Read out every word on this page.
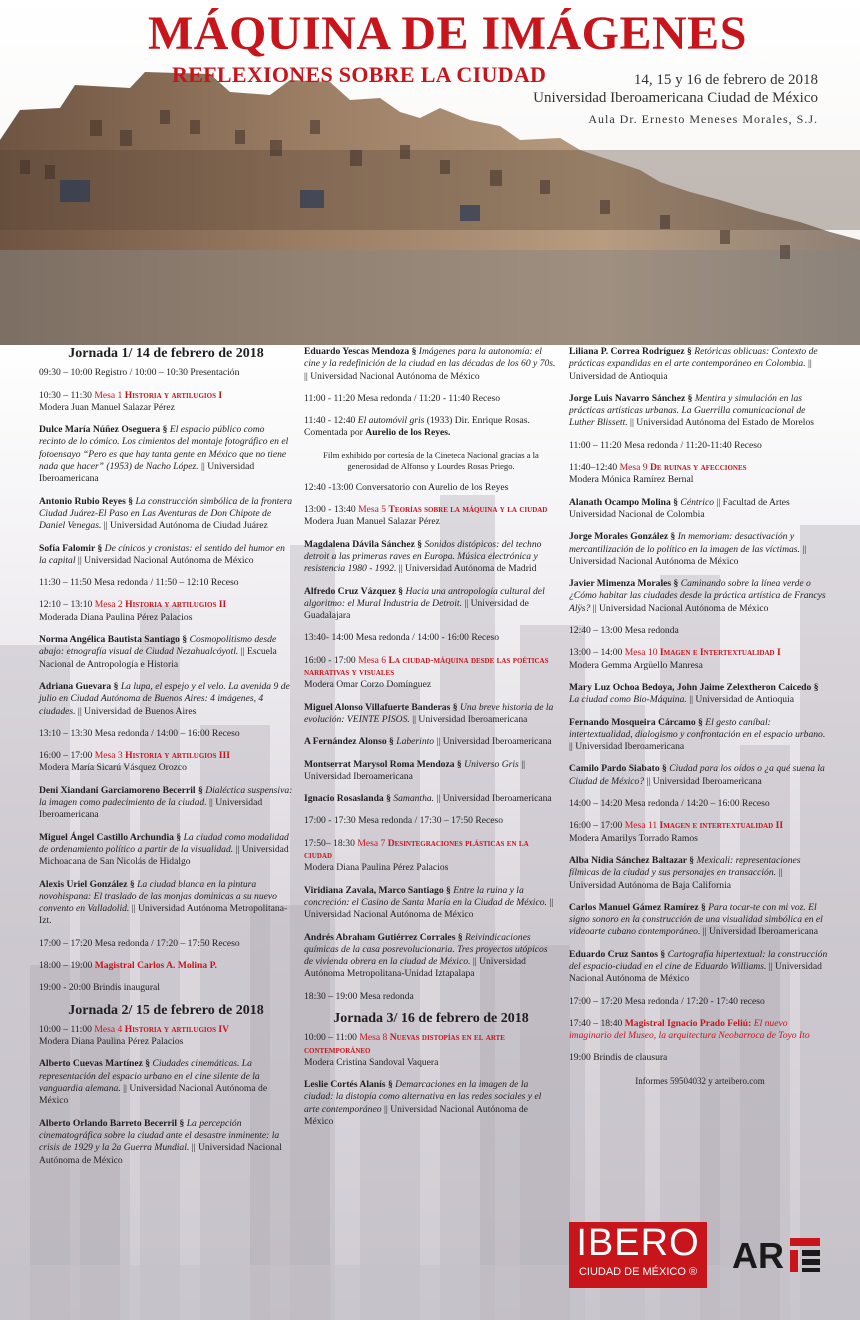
MÁQUINA DE IMÁGENES
REFLEXIONES SOBRE LA CIUDAD	14, 15 y 16 de febrero de 2018
Universidad Iberoamericana Ciudad de México
Aula Dr. Ernesto Meneses Morales, S.J.
Jornada 1/ 14 de febrero de 2018
09:30 – 10:00 Registro / 10:00 – 10:30 Presentación
10:30 – 11:30 Mesa 1 Historia y artilugios I
Modera Juan Manuel Salazar Pérez
Dulce María Núñez Oseguera § El espacio público como recinto de lo cómico. Los cimientos del montaje fotográfico en el fotoensayo “Pero es que hay tanta gente en México que no tiene nada que hacer” (1953) de Nacho López. || Universidad Iberoamericana
Antonio Rubio Reyes § La construcción simbólica de la frontera Ciudad Juárez-El Paso en Las Aventuras de Don Chipote de Daniel Venegas. || Universidad Autónoma de Ciudad Juárez
Sofía Falomir § De cínicos y cronistas: el sentido del humor en la capital || Universidad Nacional Autónoma de México
11:30 – 11:50 Mesa redonda / 11:50 – 12:10 Receso
12:10 – 13:10 Mesa 2 Historia y artilugios II
Moderada Diana Paulina Pérez Palacios
Norma Angélica Bautista Santiago § Cosmopolitismo desde abajo: etnografía visual de Ciudad Nezahualcóyotl. || Escuela Nacional de Antropología e Historia
Adriana Guevara § La lupa, el espejo y el velo. La avenida 9 de julio en Ciudad Autónoma de Buenos Aires: 4 imágenes, 4 ciudades. || Universidad de Buenos Aires
13:10 – 13:30 Mesa redonda / 14:00 – 16:00 Receso
16:00 – 17:00 Mesa 3 Historia y artilugios III
Modera María Sicarú Vásquez Orozco
Deni Xiandani Garciamoreno Becerril § Dialéctica suspensiva: la imagen como padecimiento de la ciudad. || Universidad Iberoamericana
Miguel Ángel Castillo Archundia § La ciudad como modalidad de ordenamiento político a partir de la visualidad. || Universidad Michoacana de San Nicolás de Hidalgo
Alexis Uriel González § La ciudad blanca en la pintura novohispana: El traslado de las monjas dominicas a su nuevo convento en Valladolid. || Universidad Autónoma Metropolitana-Izt.
17:00 – 17:20 Mesa redonda / 17:20 – 17:50 Receso
18:00 – 19:00 Magistral Carlos A. Molina P.
19:00 - 20:00 Brindis inaugural
Jornada 2/ 15 de febrero de 2018
10:00 – 11:00 Mesa 4 Historia y artilugios IV
Modera Diana Paulina Pérez Palacios
Alberto Cuevas Martínez § Ciudades cinemáticas. La representación del espacio urbano en el cine silente de la vanguardia alemana. || Universidad Nacional Autónoma de México
Alberto Orlando Barreto Becerril § La percepción cinematográfica sobre la ciudad ante el desastre inminente: la crisis de 1929 y la 2a Guerra Mundial. || Universidad Nacional Autónoma de México
Eduardo Yescas Mendoza § Imágenes para la autonomía: el cine y la redefinición de la ciudad en las décadas de los 60 y 70s. || Universidad Nacional Autónoma de México
11:00 - 11:20 Mesa redonda / 11:20 - 11:40 Receso
11:40 - 12:40 El automóvil gris (1933) Dir. Enrique Rosas.
Comentada por Aurelio de los Reyes.
Film exhibido por cortesía de la Cineteca Nacional gracias a la generosidad de Alfonso y Lourdes Rosas Priego.
12:40 -13:00 Conversatorio con Aurelio de los Reyes
13:00 - 13:40 Mesa 5 Teorías sobre la máquina y la ciudad
Modera Juan Manuel Salazar Pérez
Magdalena Dávila Sánchez § Sonidos distópicos: del techno detroit a las primeras raves en Europa. Música electrónica y resistencia 1980 - 1992. || Universidad Autónoma de Madrid
Alfredo Cruz Vázquez § Hacia una antropología cultural del algoritmo: el Mural Industria de Detroit. || Universidad de Guadalajara
13:40- 14:00 Mesa redonda / 14:00 - 16:00 Receso
16:00 - 17:00 Mesa 6 La ciudad-máquina desde las poéticas narrativas y visuales
Modera Omar Corzo Domínguez
Miguel Alonso Villafuerte Banderas § Una breve historia de la evolución: VEINTE PISOS. || Universidad Iberoamericana
A Fernández Alonso § Laberinto || Universidad Iberoamericana
Montserrat Marysol Roma Mendoza § Universo Gris || Universidad Iberoamericana
Ignacio Rosaslanda § Samantha. || Universidad Iberoamericana
17:00 - 17:30 Mesa redonda / 17:30 – 17:50 Receso
17:50– 18:30 Mesa 7 Desintegraciones plásticas en la ciudad
Modera Diana Paulina Pérez Palacios
Viridiana Zavala, Marco Santiago § Entre la ruina y la concreción: el Casino de Santa María en la Ciudad de México. || Universidad Nacional Autónoma de México
Andrés Abraham Gutiérrez Corrales § Reivindicaciones químicas de la casa posrevolucionaria. Tres proyectos utópicos de vivienda obrera en la ciudad de México. || Universidad Autónoma Metropolitana-Unidad Iztapalapa
18:30 – 19:00 Mesa redonda
Jornada 3/ 16 de febrero de 2018
10:00 – 11:00 Mesa 8 Nuevas distopías en el arte contemporáneo
Modera Cristina Sandoval Vaquera
Leslie Cortés Alanís § Demarcaciones en la imagen de la ciudad: la distopía como alternativa en las redes sociales y el arte contemporáneo || Universidad Nacional Autónoma de México
Liliana P. Correa Rodríguez § Retóricas oblicuas: Contexto de prácticas expandidas en el arte contemporáneo en Colombia. || Universidad de Antioquia
Jorge Luis Navarro Sánchez § Mentira y simulación en las prácticas artísticas urbanas. La Guerrilla comunicacional de Luther Blissett. || Universidad Autónoma del Estado de Morelos
11:00 – 11:20 Mesa redonda / 11:20-11:40 Receso
11:40–12:40 Mesa 9 De ruinas y afecciones
Modera Mónica Ramírez Bernal
Alanath Ocampo Molina § Céntrico || Facultad de Artes Universidad Nacional de Colombia
Jorge Morales González § In memoriam: desactivación y mercantilización de lo político en la imagen de las víctimas. || Universidad Nacional Autónoma de México
Javier Mimenza Morales § Caminando sobre la línea verde o ¿Cómo habitar las ciudades desde la práctica artística de Francys Alÿs? || Universidad Nacional Autónoma de México
12:40 – 13:00 Mesa redonda
13:00 – 14:00 Mesa 10 Imagen e Intertextualidad I
Modera Gemma Argüello Manresa
Mary Luz Ochoa Bedoya, John Jaime Zelextheron Caicedo § La ciudad como Bio-Máquina. || Universidad de Antioquia
Fernando Mosqueira Cárcamo § El gesto caníbal: intertextualidad, dialogismo y confrontación en el espacio urbano. || Universidad Iberoamericana
Camilo Pardo Siabato § Ciudad para los oídos o ¿a qué suena la Ciudad de México? || Universidad Iberoamericana
14:00 – 14:20 Mesa redonda / 14:20 – 16:00 Receso
16:00 – 17:00 Mesa 11 Imagen e intertextualidad II
Modera Amarilys Torrado Ramos
Alba Nidia Sánchez Baltazar § Mexicali: representaciones fílmicas de la ciudad y sus personajes en transacción. || Universidad Autónoma de Baja California
Carlos Manuel Gámez Ramírez § Para tocar-te con mi voz. El signo sonoro en la construcción de una visualidad simbólica en el videoarte cubano contemporáneo. || Universidad Iberoamericana
Eduardo Cruz Santos § Cartografía hipertextual: la construcción del espacio-ciudad en el cine de Eduardo Williams. || Universidad Nacional Autónoma de México
17:00 – 17:20 Mesa redonda / 17:20 - 17:40 receso
17:40 – 18:40 Magistral Ignacio Prado Feliú: El nuevo imaginario del Museo, la arquitectura Neobarroca de Toyo Ito
19:00 Brindis de clausura
Informes 59504032 y arteibero.com
IBERO
CIUDAD DE MÉXICO ® AR
